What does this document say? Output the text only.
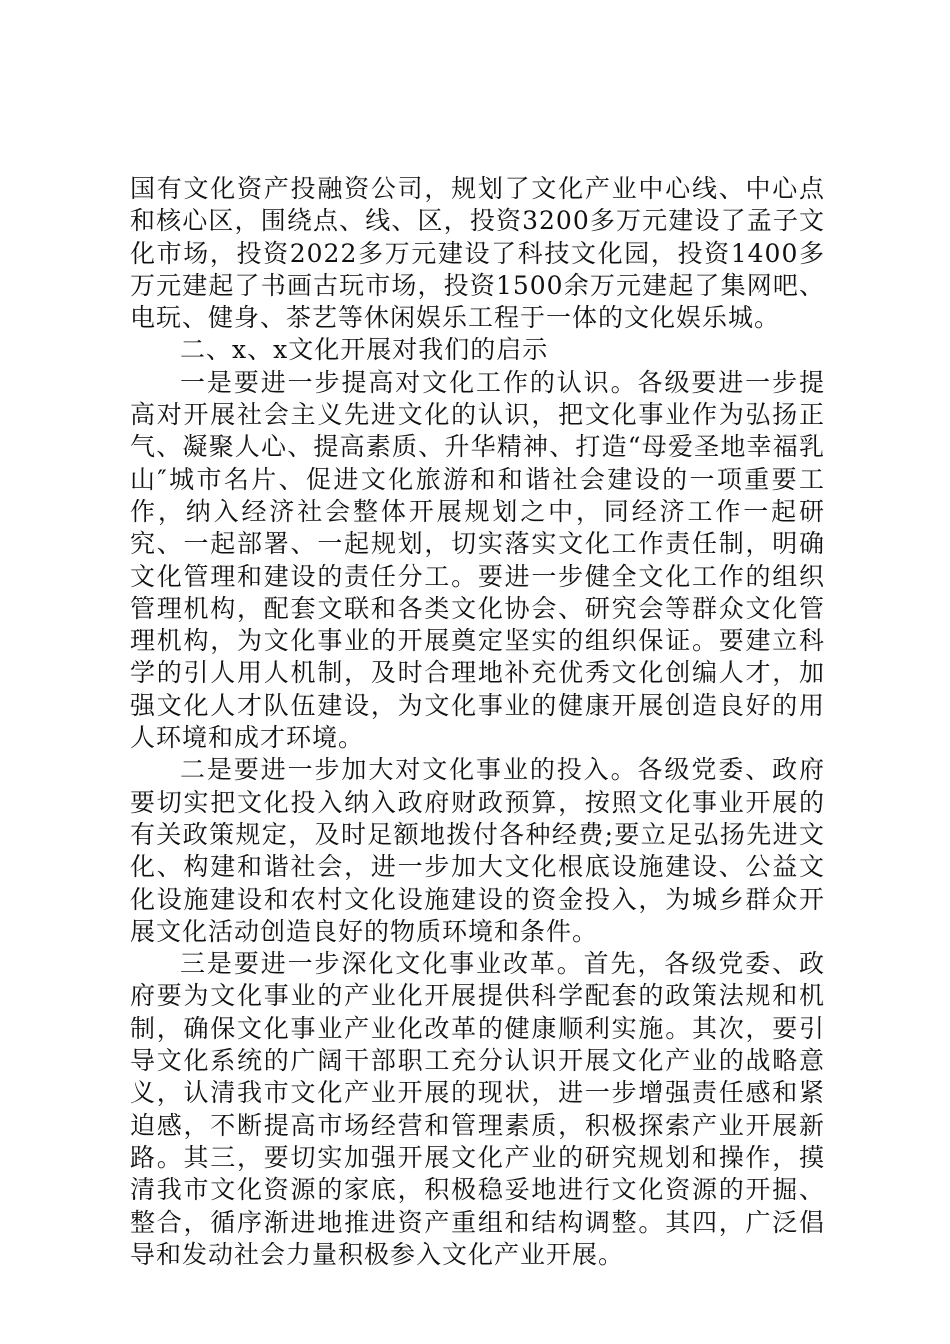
国有文化资产投融资公司，规划了文化产业中心线、中心点和核心区，围绕点、线、区，投资3200多万元建设了孟子文化市场，投资2022多万元建设了科技文化园，投资1400多万元建起了书画古玩市场，投资1500余万元建起了集网吧、电玩、健身、茶艺等休闲娱乐工程于一体的文化娱乐城。

二、x、x文化开展对我们的启示

一是要进一步提高对文化工作的认识。各级要进一步提高对开展社会主义先进文化的认识，把文化事业作为弘扬正气、凝聚人心、提高素质、升华精神、打造“母爱圣地幸福乳山″城市名片、促进文化旅游和和谐社会建设的一项重要工作，纳入经济社会整体开展规划之中，同经济工作一起研究、一起部署、一起规划，切实落实文化工作责任制，明确文化管理和建设的责任分工。要进一步健全文化工作的组织管理机构，配套文联和各类文化协会、研究会等群众文化管理机构，为文化事业的开展奠定坚实的组织保证。要建立科学的引人用人机制，及时合理地补充优秀文化创编人才，加强文化人才队伍建设，为文化事业的健康开展创造良好的用人环境和成才环境。

二是要进一步加大对文化事业的投入。各级党委、政府要切实把文化投入纳入政府财政预算，按照文化事业开展的有关政策规定，及时足额地拨付各种经费;要立足弘扬先进文化、构建和谐社会，进一步加大文化根底设施建设、公益文化设施建设和农村文化设施建设的资金投入，为城乡群众开展文化活动创造良好的物质环境和条件。

三是要进一步深化文化事业改革。首先，各级党委、政府要为文化事业的产业化开展提供科学配套的政策法规和机制，确保文化事业产业化改革的健康顺利实施。其次，要引导文化系统的广阔干部职工充分认识开展文化产业的战略意义，认清我市文化产业开展的现状，进一步增强责任感和紧迫感，不断提高市场经营和管理素质，积极探索产业开展新路。其三，要切实加强开展文化产业的研究规划和操作，摸清我市文化资源的家底，积极稳妥地进行文化资源的开掘、整合，循序渐进地推进资产重组和结构调整。其四，广泛倡导和发动社会力量积极参入文化产业开展。
